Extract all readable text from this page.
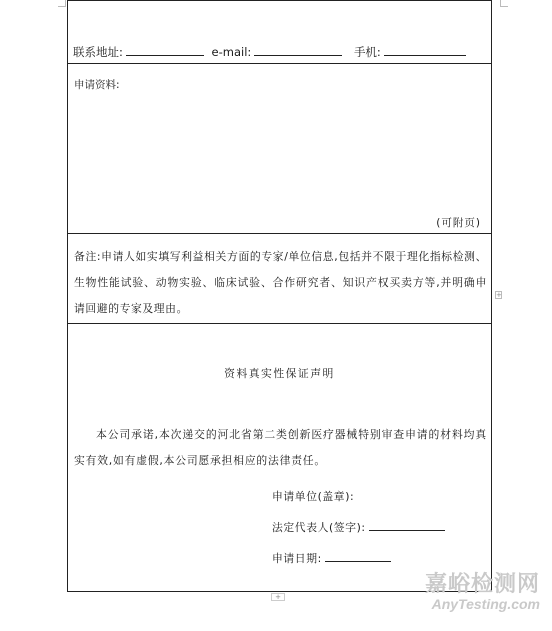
联系地址:	e-mail:	手机:
申请资料:
(可附页)
备注:申请人如实填写利益相关方面的专家/单位信息,包括并不限于理化指标检测、生物性能试验、动物实验、临床试验、合作研究者、知识产权买卖方等,并明确申请回避的专家及理由。
资料真实性保证声明
本公司承诺,本次递交的河北省第二类创新医疗器械特别审查申请的材料均真实有效,如有虚假,本公司愿承担相应的法律责任。
申请单位(盖章):
法定代表人(签字):
申请日期:
+
+
嘉峪检测网
AnyTesting.com
